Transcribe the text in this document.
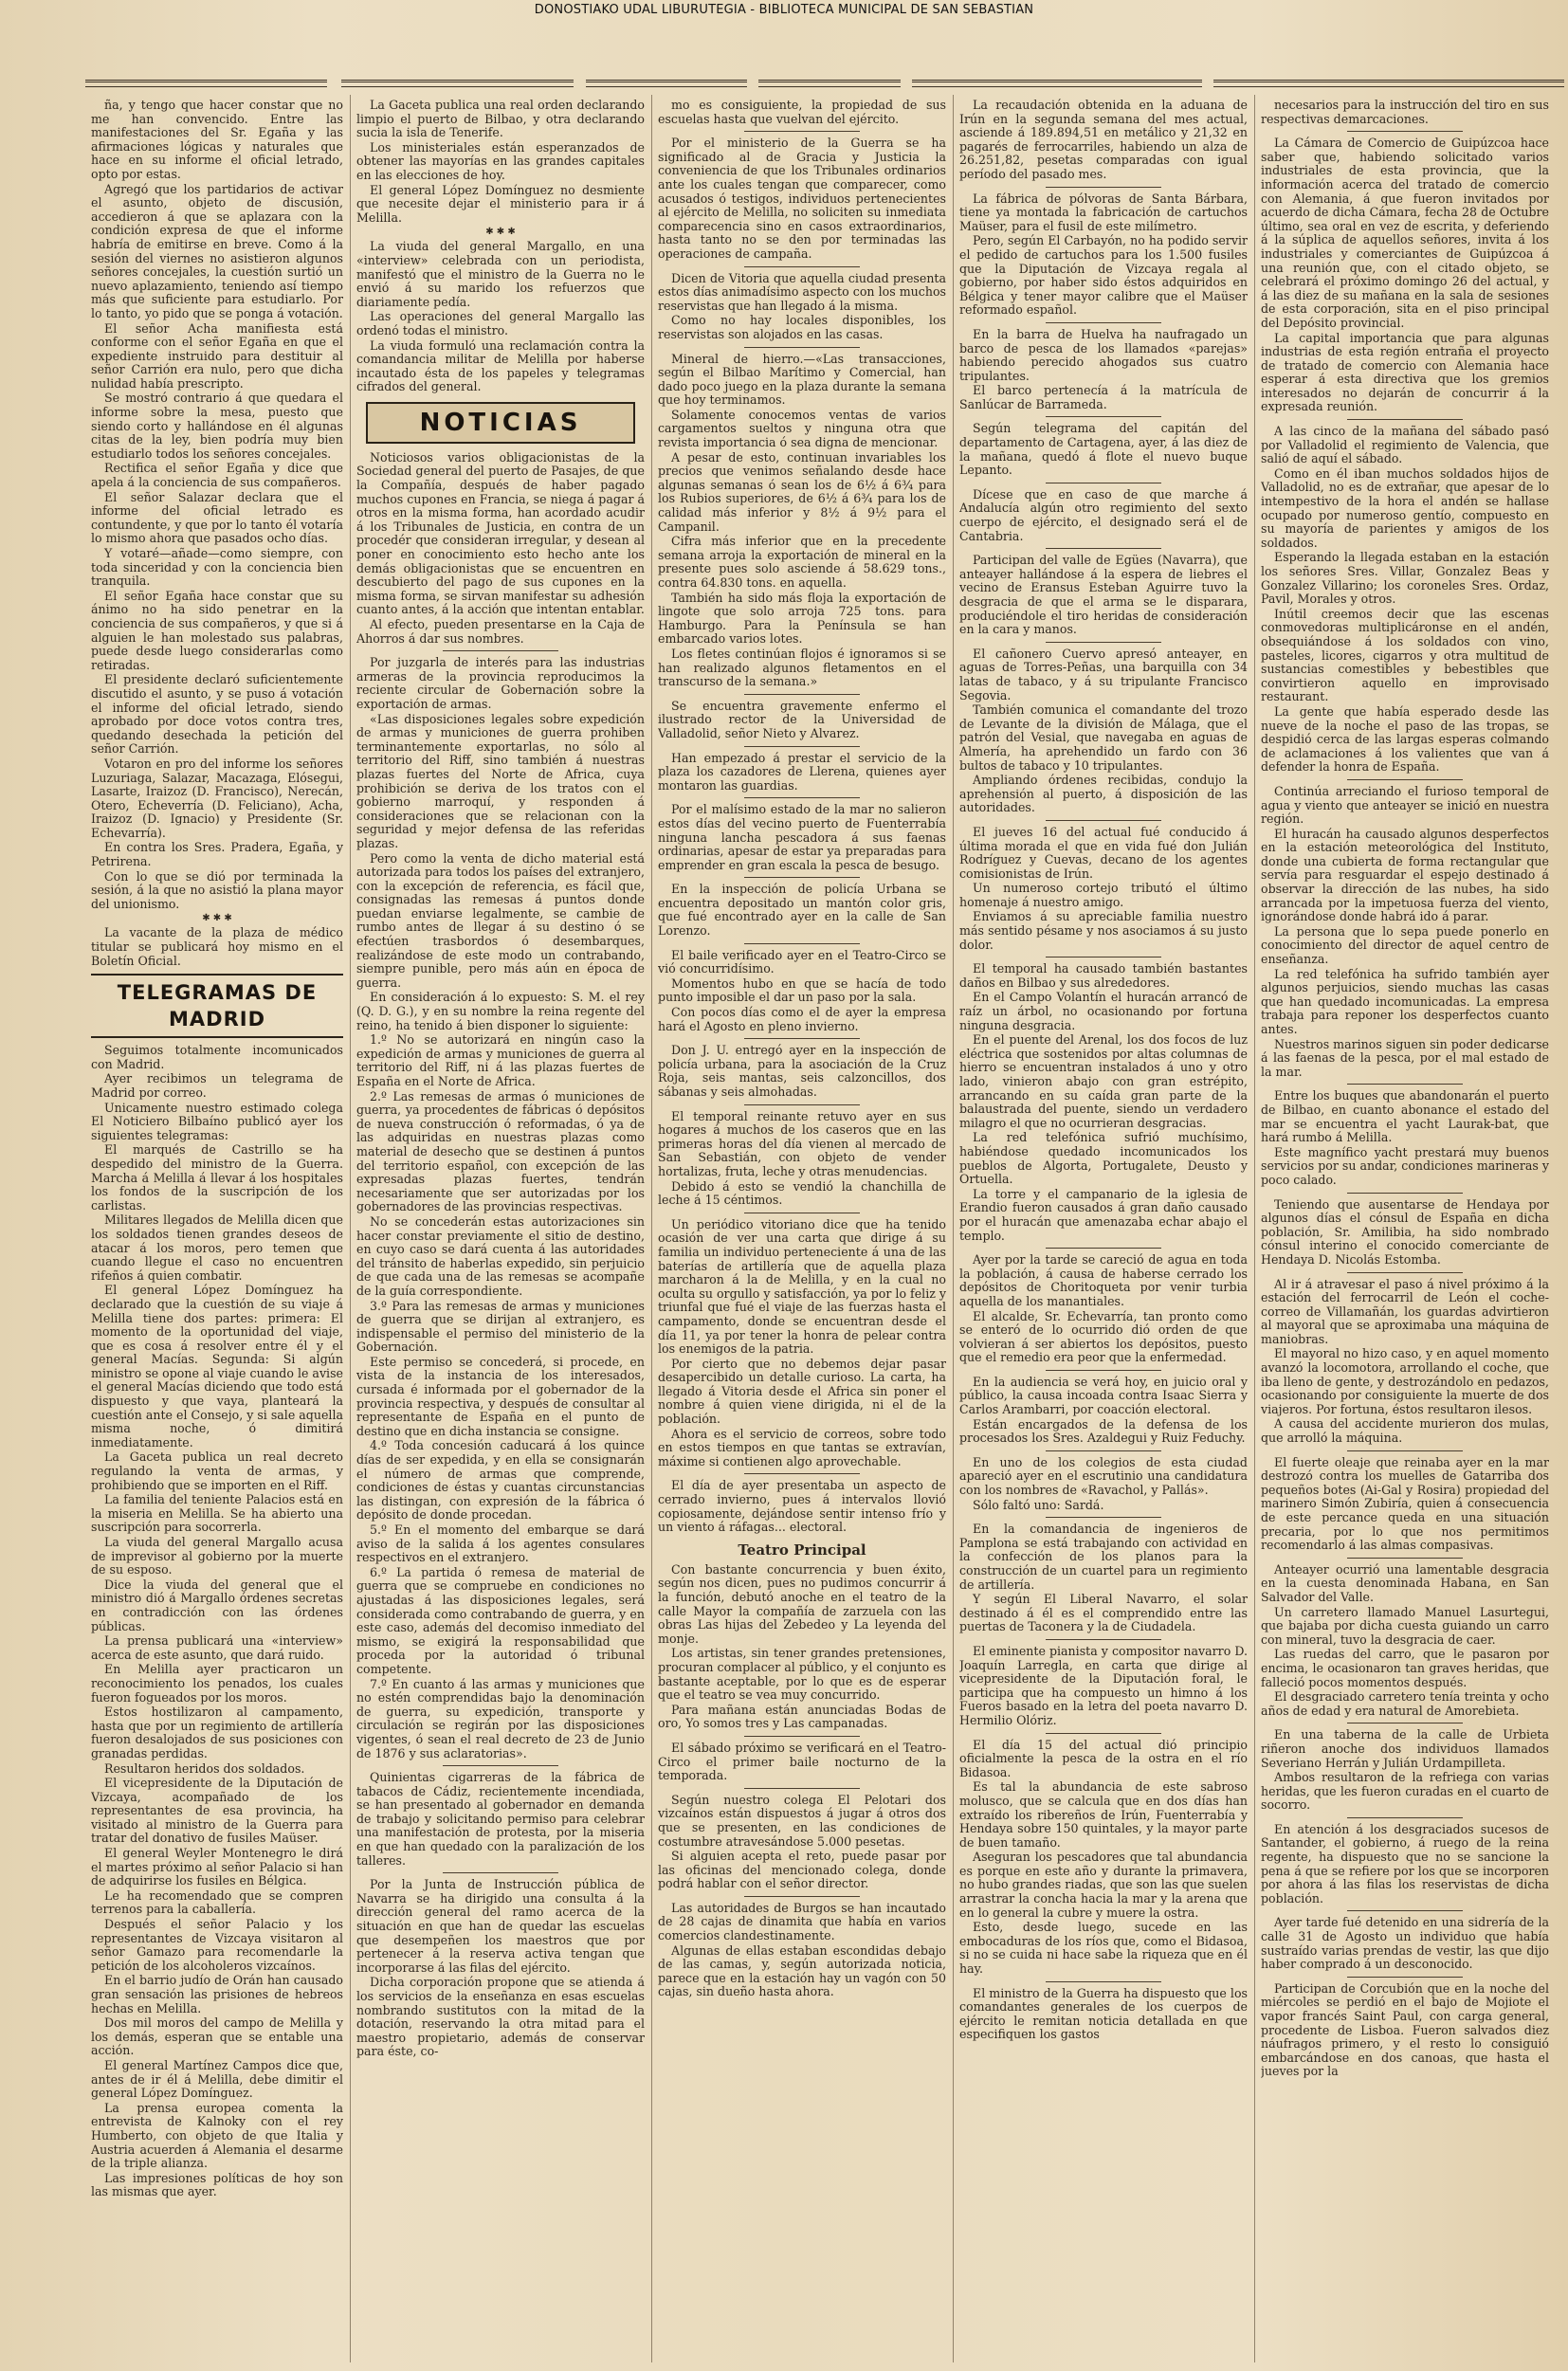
DONOSTIAKO UDAL LIBURUTEGIA - BIBLIOTECA MUNICIPAL DE SAN SEBASTIAN

ña, y tengo que hacer constar que no me han convencido. Entre las manifestaciones del Sr. Egaña y las afirmaciones lógicas y naturales que hace en su informe el oficial letrado, opto por estas.

Agregó que los partidarios de activar el asunto, objeto de discusión, accedieron á que se aplazara con la condición expresa de que el informe habría de emitirse en breve. Como á la sesión del viernes no asistieron algunos señores concejales, la cuestión surtió un nuevo aplazamiento, teniendo así tiempo más que suficiente para estudiarlo. Por lo tanto, yo pido que se ponga á votación.

El señor Acha manifiesta está conforme con el señor Egaña en que el expediente instruido para destituir al señor Carrión era nulo, pero que dicha nulidad había prescripto.

Se mostró contrario á que quedara el informe sobre la mesa, puesto que siendo corto y hallándose en él algunas citas de la ley, bien podría muy bien estudiarlo todos los señores concejales.

Rectifica el señor Egaña y dice que apela á la conciencia de sus compañeros.

El señor Salazar declara que el informe del oficial letrado es contundente, y que por lo tanto él votaría lo mismo ahora que pasados ocho días.

Y votaré—añade—como siempre, con toda sinceridad y con la conciencia bien tranquila.

El señor Egaña hace constar que su ánimo no ha sido penetrar en la conciencia de sus compañeros, y que si á alguien le han molestado sus palabras, puede desde luego considerarlas como retiradas.

El presidente declaró suficientemente discutido el asunto, y se puso á votación el informe del oficial letrado, siendo aprobado por doce votos contra tres, quedando desechada la petición del señor Carrión.

Votaron en pro del informe los señores Luzuriaga, Salazar, Macazaga, Elósegui, Lasarte, Iraizoz (D. Francisco), Nerecán, Otero, Echeverría (D. Feliciano), Acha, Iraizoz (D. Ignacio) y Presidente (Sr. Echevarría).

En contra los Sres. Pradera, Egaña, y Petrirena.

Con lo que se dió por terminada la sesión, á la que no asistió la plana mayor del unionismo.

✱ ✱ ✱

La vacante de la plaza de médico titular se publicará hoy mismo en el Boletín Oficial.

TELEGRAMAS DE MADRID

Seguimos totalmente incomunicados con Madrid.

Ayer recibimos un telegrama de Madrid por correo.

Unicamente nuestro estimado colega El Noticiero Bilbaíno publicó ayer los siguientes telegramas:

El marqués de Castrillo se ha despedido del ministro de la Guerra. Marcha á Melilla á llevar á los hospitales los fondos de la suscripción de los carlistas.

Militares llegados de Melilla dicen que los soldados tienen grandes deseos de atacar á los moros, pero temen que cuando llegue el caso no encuentren rifeños á quien combatir.

El general López Domínguez ha declarado que la cuestión de su viaje á Melilla tiene dos partes: primera: El momento de la oportunidad del viaje, que es cosa á resolver entre él y el general Macías. Segunda: Si algún ministro se opone al viaje cuando le avise el general Macías diciendo que todo está dispuesto y que vaya, planteará la cuestión ante el Consejo, y si sale aquella misma noche, ó dimitirá inmediatamente.

La Gaceta publica un real decreto regulando la venta de armas, y prohibiendo que se importen en el Riff.

La familia del teniente Palacios está en la miseria en Melilla. Se ha abierto una suscripción para socorrerla.

La viuda del general Margallo acusa de imprevisor al gobierno por la muerte de su esposo.

Dice la viuda del general que el ministro dió á Margallo órdenes secretas en contradicción con las órdenes públicas.

La prensa publicará una «interview» acerca de este asunto, que dará ruido.

En Melilla ayer practicaron un reconocimiento los penados, los cuales fueron fogueados por los moros.

Estos hostilizaron al campamento, hasta que por un regimiento de artillería fueron desalojados de sus posiciones con granadas perdidas.

Resultaron heridos dos soldados.

El vicepresidente de la Diputación de Vizcaya, acompañado de los representantes de esa provincia, ha visitado al ministro de la Guerra para tratar del donativo de fusiles Maüser.

El general Weyler Montenegro le dirá el martes próximo al señor Palacio si han de adquirirse los fusiles en Bélgica.

Le ha recomendado que se compren terrenos para la caballería.

Después el señor Palacio y los representantes de Vizcaya visitaron al señor Gamazo para recomendarle la petición de los alcoholeros vizcaínos.

En el barrio judío de Orán han causado gran sensación las prisiones de hebreos hechas en Melilla.

Dos mil moros del campo de Melilla y los demás, esperan que se entable una acción.

El general Martínez Campos dice que, antes de ir él á Melilla, debe dimitir el general López Domínguez.

La prensa europea comenta la entrevista de Kalnoky con el rey Humberto, con objeto de que Italia y Austria acuerden á Alemania el desarme de la triple alianza.

Las impresiones políticas de hoy son las mismas que ayer.

La Gaceta publica una real orden declarando limpio el puerto de Bilbao, y otra declarando sucia la isla de Tenerife.

Los ministeriales están esperanzados de obtener las mayorías en las grandes capitales en las elecciones de hoy.

El general López Domínguez no desmiente que necesite dejar el ministerio para ir á Melilla.

✱ ✱ ✱

La viuda del general Margallo, en una «interview» celebrada con un periodista, manifestó que el ministro de la Guerra no le envió á su marido los refuerzos que diariamente pedía.

Las operaciones del general Margallo las ordenó todas el ministro.

La viuda formuló una reclamación contra la comandancia militar de Melilla por haberse incautado ésta de los papeles y telegramas cifrados del general.

NOTICIAS

Noticiosos varios obligacionistas de la Sociedad general del puerto de Pasajes, de que la Compañía, después de haber pagado muchos cupones en Francia, se niega á pagar á otros en la misma forma, han acordado acudir á los Tribunales de Justicia, en contra de un procedér que consideran irregular, y desean al poner en conocimiento esto hecho ante los demás obligacionistas que se encuentren en descubierto del pago de sus cupones en la misma forma, se sirvan manifestar su adhesión cuanto antes, á la acción que intentan entablar.

Al efecto, pueden presentarse en la Caja de Ahorros á dar sus nombres.

Por juzgarla de interés para las industrias armeras de la provincia reproducimos la reciente circular de Gobernación sobre la exportación de armas.

«Las disposiciones legales sobre expedición de armas y municiones de guerra prohiben terminantemente exportarlas, no sólo al territorio del Riff, sino también á nuestras plazas fuertes del Norte de Africa, cuya prohibición se deriva de los tratos con el gobierno marroquí, y responden á consideraciones que se relacionan con la seguridad y mejor defensa de las referidas plazas.

Pero como la venta de dicho material está autorizada para todos los países del extranjero, con la excepción de referencia, es fácil que, consignadas las remesas á puntos donde puedan enviarse legalmente, se cambie de rumbo antes de llegar á su destino ó se efectúen trasbordos ó desembarques, realizándose de este modo un contrabando, siempre punible, pero más aún en época de guerra.

En consideración á lo expuesto: S. M. el rey (Q. D. G.), y en su nombre la reina regente del reino, ha tenido á bien disponer lo siguiente:

1.º No se autorizará en ningún caso la expedición de armas y municiones de guerra al territorio del Riff, ni á las plazas fuertes de España en el Norte de Africa.

2.º Las remesas de armas ó municiones de guerra, ya procedentes de fábricas ó depósitos de nueva construcción ó reformadas, ó ya de las adquiridas en nuestras plazas como material de desecho que se destinen á puntos del territorio español, con excepción de las expresadas plazas fuertes, tendrán necesariamente que ser autorizadas por los gobernadores de las provincias respectivas.

No se concederán estas autorizaciones sin hacer constar previamente el sitio de destino, en cuyo caso se dará cuenta á las autoridades del tránsito de haberlas expedido, sin perjuicio de que cada una de las remesas se acompañe de la guía correspondiente.

3.º Para las remesas de armas y municiones de guerra que se dirijan al extranjero, es indispensable el permiso del ministerio de la Gobernación.

Este permiso se concederá, si procede, en vista de la instancia de los interesados, cursada é informada por el gobernador de la provincia respectiva, y después de consultar al representante de España en el punto de destino que en dicha instancia se consigne.

4.º Toda concesión caducará á los quince días de ser expedida, y en ella se consignarán el número de armas que comprende, condiciones de éstas y cuantas circunstancias las distingan, con expresión de la fábrica ó depósito de donde procedan.

5.º En el momento del embarque se dará aviso de la salida á los agentes consulares respectivos en el extranjero.

6.º La partida ó remesa de material de guerra que se compruebe en condiciones no ajustadas á las disposiciones legales, será considerada como contrabando de guerra, y en este caso, además del decomiso inmediato del mismo, se exigirá la responsabilidad que proceda por la autoridad ó tribunal competente.

7.º En cuanto á las armas y municiones que no estén comprendidas bajo la denominación de guerra, su expedición, transporte y circulación se regirán por las disposiciones vigentes, ó sean el real decreto de 23 de Junio de 1876 y sus aclaratorias».

Quinientas cigarreras de la fábrica de tabacos de Cádiz, recientemente incendiada, se han presentado al gobernador en demanda de trabajo y solicitando permiso para celebrar una manifestación de protesta, por la miseria en que han quedado con la paralización de los talleres.

Por la Junta de Instrucción pública de Navarra se ha dirigido una consulta á la dirección general del ramo acerca de la situación en que han de quedar las escuelas que desempeñen los maestros que por pertenecer á la reserva activa tengan que incorporarse á las filas del ejército.

Dicha corporación propone que se atienda á los servicios de la enseñanza en esas escuelas nombrando sustitutos con la mitad de la dotación, reservando la otra mitad para el maestro propietario, además de conservar para éste, co-

mo es consiguiente, la propiedad de sus escuelas hasta que vuelvan del ejército.

Por el ministerio de la Guerra se ha significado al de Gracia y Justicia la conveniencia de que los Tribunales ordinarios ante los cuales tengan que comparecer, como acusados ó testigos, individuos pertenecientes al ejército de Melilla, no soliciten su inmediata comparecencia sino en casos extraordinarios, hasta tanto no se den por terminadas las operaciones de campaña.

Dicen de Vitoria que aquella ciudad presenta estos días animadísimo aspecto con los muchos reservistas que han llegado á la misma.

Como no hay locales disponibles, los reservistas son alojados en las casas.

Mineral de hierro.—«Las transacciones, según el Bilbao Marítimo y Comercial, han dado poco juego en la plaza durante la semana que hoy terminamos.

Solamente conocemos ventas de varios cargamentos sueltos y ninguna otra que revista importancia ó sea digna de mencionar.

A pesar de esto, continuan invariables los precios que venimos señalando desde hace algunas semanas ó sean los de 6½ á 6¾ para los Rubios superiores, de 6½ á 6¾ para los de calidad más inferior y 8½ á 9½ para el Campanil.

Cifra más inferior que en la precedente semana arroja la exportación de mineral en la presente pues solo asciende á 58.629 tons., contra 64.830 tons. en aquella.

También ha sido más floja la exportación de lingote que solo arroja 725 tons. para Hamburgo. Para la Península se han embarcado varios lotes.

Los fletes continúan flojos é ignoramos si se han realizado algunos fletamentos en el transcurso de la semana.»

Se encuentra gravemente enfermo el ilustrado rector de la Universidad de Valladolid, señor Nieto y Alvarez.

Han empezado á prestar el servicio de la plaza los cazadores de Llerena, quienes ayer montaron las guardias.

Por el malísimo estado de la mar no salieron estos días del vecino puerto de Fuenterrabía ninguna lancha pescadora á sus faenas ordinarias, apesar de estar ya preparadas para emprender en gran escala la pesca de besugo.

En la inspección de policía Urbana se encuentra depositado un mantón color gris, que fué encontrado ayer en la calle de San Lorenzo.

El baile verificado ayer en el Teatro-Circo se vió concurridísimo.

Momentos hubo en que se hacía de todo punto imposible el dar un paso por la sala.

Con pocos días como el de ayer la empresa hará el Agosto en pleno invierno.

Don J. U. entregó ayer en la inspección de policía urbana, para la asociación de la Cruz Roja, seis mantas, seis calzoncillos, dos sábanas y seis almohadas.

El temporal reinante retuvo ayer en sus hogares á muchos de los caseros que en las primeras horas del día vienen al mercado de San Sebastián, con objeto de vender hortalizas, fruta, leche y otras menudencias.

Debido á esto se vendió la chanchilla de leche á 15 céntimos.

Un periódico vitoriano dice que ha tenido ocasión de ver una carta que dirige á su familia un individuo perteneciente á una de las baterías de artillería que de aquella plaza marcharon á la de Melilla, y en la cual no oculta su orgullo y satisfacción, ya por lo feliz y triunfal que fué el viaje de las fuerzas hasta el campamento, donde se encuentran desde el día 11, ya por tener la honra de pelear contra los enemigos de la patria.

Por cierto que no debemos dejar pasar desapercibido un detalle curioso. La carta, ha llegado á Vitoria desde el Africa sin poner el nombre á quien viene dirigida, ni el de la población.

Ahora es el servicio de correos, sobre todo en estos tiempos en que tantas se extravían, máxime si contienen algo aprovechable.

El día de ayer presentaba un aspecto de cerrado invierno, pues á intervalos llovió copiosamente, dejándose sentir intenso frío y un viento á ráfagas... electoral.

Teatro Principal

Con bastante concurrencia y buen éxito, según nos dicen, pues no pudimos concurrir á la función, debutó anoche en el teatro de la calle Mayor la compañía de zarzuela con las obras Las hijas del Zebedeo y La leyenda del monje.

Los artistas, sin tener grandes pretensiones, procuran complacer al público, y el conjunto es bastante aceptable, por lo que es de esperar que el teatro se vea muy concurrido.

Para mañana están anunciadas Bodas de oro, Yo somos tres y Las campanadas.

El sábado próximo se verificará en el Teatro-Circo el primer baile nocturno de la temporada.

Según nuestro colega El Pelotari dos vizcaínos están dispuestos á jugar á otros dos que se presenten, en las condiciones de costumbre atravesándose 5.000 pesetas.

Si alguien acepta el reto, puede pasar por las oficinas del mencionado colega, donde podrá hablar con el señor director.

Las autoridades de Burgos se han incautado de 28 cajas de dinamita que había en varios comercios clandestinamente.

Algunas de ellas estaban escondidas debajo de las camas, y, según autorizada noticia, parece que en la estación hay un vagón con 50 cajas, sin dueño hasta ahora.

La recaudación obtenida en la aduana de Irún en la segunda semana del mes actual, asciende á 189.894,51 en metálico y 21,32 en pagarés de ferrocarriles, habiendo un alza de 26.251,82, pesetas comparadas con igual período del pasado mes.

La fábrica de pólvoras de Santa Bárbara, tiene ya montada la fabricación de cartuchos Maüser, para el fusil de este milímetro.

Pero, según El Carbayón, no ha podido servir el pedido de cartuchos para los 1.500 fusiles que la Diputación de Vizcaya regala al gobierno, por haber sido éstos adquiridos en Bélgica y tener mayor calibre que el Maüser reformado español.

En la barra de Huelva ha naufragado un barco de pesca de los llamados «parejas» habiendo perecido ahogados sus cuatro tripulantes.

El barco pertenecía á la matrícula de Sanlúcar de Barrameda.

Según telegrama del capitán del departamento de Cartagena, ayer, á las diez de la mañana, quedó á flote el nuevo buque Lepanto.

Dícese que en caso de que marche á Andalucía algún otro regimiento del sexto cuerpo de ejército, el designado será el de Cantabria.

Participan del valle de Egües (Navarra), que anteayer hallándose á la espera de liebres el vecino de Eransus Esteban Aguirre tuvo la desgracia de que el arma se le disparara, produciéndole el tiro heridas de consideración en la cara y manos.

El cañonero Cuervo apresó anteayer, en aguas de Torres-Peñas, una barquilla con 34 latas de tabaco, y á su tripulante Francisco Segovia.

También comunica el comandante del trozo de Levante de la división de Málaga, que el patrón del Vesial, que navegaba en aguas de Almería, ha aprehendido un fardo con 36 bultos de tabaco y 10 tripulantes.

Ampliando órdenes recibidas, condujo la aprehensión al puerto, á disposición de las autoridades.

El jueves 16 del actual fué conducido á última morada el que en vida fué don Julián Rodríguez y Cuevas, decano de los agentes comisionistas de Irún.

Un numeroso cortejo tributó el último homenaje á nuestro amigo.

Enviamos á su apreciable familia nuestro más sentido pésame y nos asociamos á su justo dolor.

El temporal ha causado también bastantes daños en Bilbao y sus alrededores.

En el Campo Volantín el huracán arrancó de raíz un árbol, no ocasionando por fortuna ninguna desgracia.

En el puente del Arenal, los dos focos de luz eléctrica que sostenidos por altas columnas de hierro se encuentran instalados á uno y otro lado, vinieron abajo con gran estrépito, arrancando en su caída gran parte de la balaustrada del puente, siendo un verdadero milagro el que no ocurrieran desgracias.

La red telefónica sufrió muchísimo, habiéndose quedado incomunicados los pueblos de Algorta, Portugalete, Deusto y Ortuella.

La torre y el campanario de la iglesia de Erandio fueron causados á gran daño causado por el huracán que amenazaba echar abajo el templo.

Ayer por la tarde se careció de agua en toda la población, á causa de haberse cerrado los depósitos de Choritoqueta por venir turbia aquella de los manantiales.

El alcalde, Sr. Echevarría, tan pronto como se enteró de lo ocurrido dió orden de que volvieran á ser abiertos los depósitos, puesto que el remedio era peor que la enfermedad.

En la audiencia se verá hoy, en juicio oral y público, la causa incoada contra Isaac Sierra y Carlos Arambarri, por coacción electoral.

Están encargados de la defensa de los procesados los Sres. Azaldegui y Ruiz Feduchy.

En uno de los colegios de esta ciudad apareció ayer en el escrutinio una candidatura con los nombres de «Ravachol, y Pallás».

Sólo faltó uno: Sardá.

En la comandancia de ingenieros de Pamplona se está trabajando con actividad en la confección de los planos para la construcción de un cuartel para un regimiento de artillería.

Y según El Liberal Navarro, el solar destinado á él es el comprendido entre las puertas de Taconera y la de Ciudadela.

El eminente pianista y compositor navarro D. Joaquín Larregla, en carta que dirige al vicepresidente de la Diputación foral, le participa que ha compuesto un himno á los Fueros basado en la letra del poeta navarro D. Hermilio Olóriz.

El día 15 del actual dió principio oficialmente la pesca de la ostra en el río Bidasoa.

Es tal la abundancia de este sabroso molusco, que se calcula que en dos días han extraído los ribereños de Irún, Fuenterrabía y Hendaya sobre 150 quintales, y la mayor parte de buen tamaño.

Aseguran los pescadores que tal abundancia es porque en este año y durante la primavera, no hubo grandes riadas, que son las que suelen arrastrar la concha hacia la mar y la arena que en lo general la cubre y muere la ostra.

Esto, desde luego, sucede en las embocaduras de los ríos que, como el Bidasoa, si no se cuida ni hace sabe la riqueza que en él hay.

El ministro de la Guerra ha dispuesto que los comandantes generales de los cuerpos de ejército le remitan noticia detallada en que especifiquen los gastos

necesarios para la instrucción del tiro en sus respectivas demarcaciones.

La Cámara de Comercio de Guipúzcoa hace saber que, habiendo solicitado varios industriales de esta provincia, que la información acerca del tratado de comercio con Alemania, á que fueron invitados por acuerdo de dicha Cámara, fecha 28 de Octubre último, sea oral en vez de escrita, y deferiendo á la súplica de aquellos señores, invita á los industriales y comerciantes de Guipúzcoa á una reunión que, con el citado objeto, se celebrará el próximo domingo 26 del actual, y á las diez de su mañana en la sala de sesiones de esta corporación, sita en el piso principal del Depósito provincial.

La capital importancia que para algunas industrias de esta región entraña el proyecto de tratado de comercio con Alemania hace esperar á esta directiva que los gremios interesados no dejarán de concurrir á la expresada reunión.

A las cinco de la mañana del sábado pasó por Valladolid el regimiento de Valencia, que salió de aquí el sábado.

Como en él iban muchos soldados hijos de Valladolid, no es de extrañar, que apesar de lo intempestivo de la hora el andén se hallase ocupado por numeroso gentío, compuesto en su mayoría de parientes y amigos de los soldados.

Esperando la llegada estaban en la estación los señores Sres. Villar, Gonzalez Beas y Gonzalez Villarino; los coroneles Sres. Ordaz, Pavil, Morales y otros.

Inútil creemos decir que las escenas conmovedoras multiplicáronse en el andén, obsequiándose á los soldados con vino, pasteles, licores, cigarros y otra multitud de sustancias comestibles y bebestibles que convirtieron aquello en improvisado restaurant.

La gente que había esperado desde las nueve de la noche el paso de las tropas, se despidió cerca de las largas esperas colmando de aclamaciones á los valientes que van á defender la honra de España.

Continúa arreciando el furioso temporal de agua y viento que anteayer se inició en nuestra región.

El huracán ha causado algunos desperfectos en la estación meteorológica del Instituto, donde una cubierta de forma rectangular que servía para resguardar el espejo destinado á observar la dirección de las nubes, ha sido arrancada por la impetuosa fuerza del viento, ignorándose donde habrá ido á parar.

La persona que lo sepa puede ponerlo en conocimiento del director de aquel centro de enseñanza.

La red telefónica ha sufrido también ayer algunos perjuicios, siendo muchas las casas que han quedado incomunicadas. La empresa trabaja para reponer los desperfectos cuanto antes.

Nuestros marinos siguen sin poder dedicarse á las faenas de la pesca, por el mal estado de la mar.

Entre los buques que abandonarán el puerto de Bilbao, en cuanto abonance el estado del mar se encuentra el yacht Laurak-bat, que hará rumbo á Melilla.

Este magnífico yacht prestará muy buenos servicios por su andar, condiciones marineras y poco calado.

Teniendo que ausentarse de Hendaya por algunos días el cónsul de España en dicha población, Sr. Amilibia, ha sido nombrado cónsul interino el conocido comerciante de Hendaya D. Nicolás Estomba.

Al ir á atravesar el paso á nivel próximo á la estación del ferrocarril de León el coche-correo de Villamañán, los guardas advirtieron al mayoral que se aproximaba una máquina de maniobras.

El mayoral no hizo caso, y en aquel momento avanzó la locomotora, arrollando el coche, que iba lleno de gente, y destrozándolo en pedazos, ocasionando por consiguiente la muerte de dos viajeros. Por fortuna, éstos resultaron ilesos.

A causa del accidente murieron dos mulas, que arrolló la máquina.

El fuerte oleaje que reinaba ayer en la mar destrozó contra los muelles de Gatarriba dos pequeños botes (Ai-Gal y Rosira) propiedad del marinero Simón Zubiría, quien á consecuencia de este percance queda en una situación precaria, por lo que nos permitimos recomendarlo á las almas compasivas.

Anteayer ocurrió una lamentable desgracia en la cuesta denominada Habana, en San Salvador del Valle.

Un carretero llamado Manuel Lasurtegui, que bajaba por dicha cuesta guiando un carro con mineral, tuvo la desgracia de caer.

Las ruedas del carro, que le pasaron por encima, le ocasionaron tan graves heridas, que falleció pocos momentos después.

El desgraciado carretero tenía treinta y ocho años de edad y era natural de Amorebieta.

En una taberna de la calle de Urbieta riñeron anoche dos individuos llamados Severiano Herrán y Julián Urdampilleta.

Ambos resultaron de la refriega con varias heridas, que les fueron curadas en el cuarto de socorro.

En atención á los desgraciados sucesos de Santander, el gobierno, á ruego de la reina regente, ha dispuesto que no se sancione la pena á que se refiere por los que se incorporen por ahora á las filas los reservistas de dicha población.

Ayer tarde fué detenido en una sidrería de la calle 31 de Agosto un individuo que había sustraído varias prendas de vestir, las que dijo haber comprado á un desconocido.

Participan de Corcubión que en la noche del miércoles se perdió en el bajo de Mojiote el vapor francés Saint Paul, con carga general, procedente de Lisboa. Fueron salvados diez náufragos primero, y el resto lo consiguió embarcándose en dos canoas, que hasta el jueves por la
